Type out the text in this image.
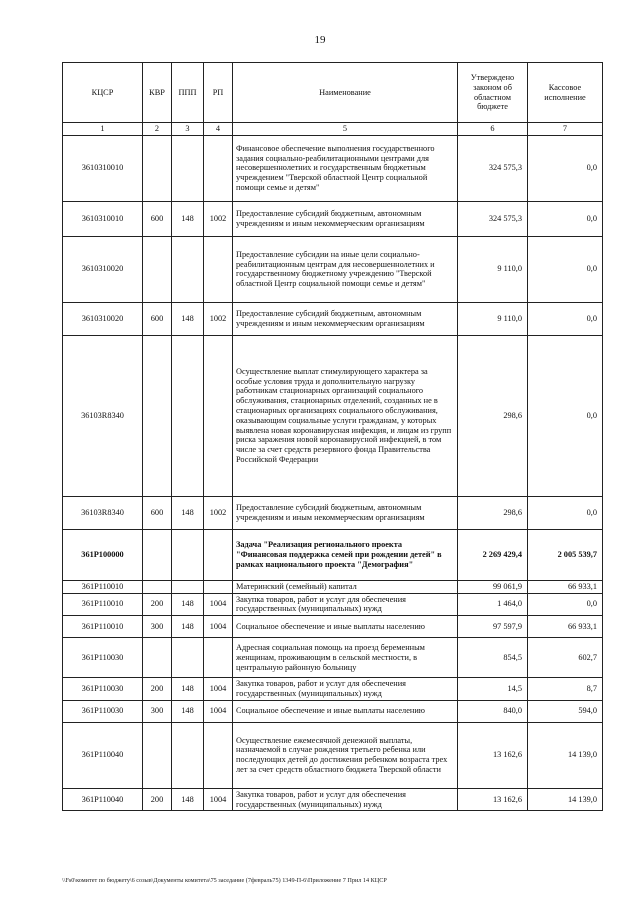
19
КЦСР	КВР	ППП	РП	Наименование	Утверждено законом об областном бюджете	Кассовое исполнение
1	2	3	4	5	6	7
3610310010				Финансовое обеспечение выполнения государственного задания социально-реабилитационными центрами для несовершеннолетних и государственным бюджетным учреждением "Тверской областной Центр социальной помощи семье и детям"	324 575,3	0,0
3610310010	600	148	1002	Предоставление субсидий бюджетным, автономным учреждениям и иным некоммерческим организациям	324 575,3	0,0
3610310020				Предоставление субсидии на иные цели социально-реабилитационным центрам для несовершеннолетних и государственному бюджетному учреждению "Тверской областной Центр социальной помощи семье и детям"	9 110,0	0,0
3610310020	600	148	1002	Предоставление субсидий бюджетным, автономным учреждениям и иным некоммерческим организациям	9 110,0	0,0
36103R8340				Осуществление выплат стимулирующего характера за особые условия труда и дополнительную нагрузку работникам стационарных организаций социального обслуживания, стационарных отделений, созданных не в стационарных организациях социального обслуживания, оказывающим социальные услуги гражданам, у которых выявлена новая коронавирусная инфекция, и лицам из групп риска заражения новой коронавирусной инфекцией, в том числе за счет средств резервного фонда Правительства Российской Федерации	298,6	0,0
36103R8340	600	148	1002	Предоставление субсидий бюджетным, автономным учреждениям и иным некоммерческим организациям	298,6	0,0
361P100000				Задача "Реализация регионального проекта "Финансовая поддержка семей при рождении детей" в рамках национального проекта "Демография"	2 269 429,4	2 005 539,7
361P110010				Материнский (семейный) капитал	99 061,9	66 933,1
361P110010	200	148	1004	Закупка товаров, работ и услуг для обеспечения государственных (муниципальных) нужд	1 464,0	0,0
361P110010	300	148	1004	Социальное обеспечение и иные выплаты населению	97 597,9	66 933,1
361P110030				Адресная социальная помощь на проезд беременным женщинам, проживающим в сельской местности, в центральную районную больницу	854,5	602,7
361P110030	200	148	1004	Закупка товаров, работ и услуг для обеспечения государственных (муниципальных) нужд	14,5	8,7
361P110030	300	148	1004	Социальное обеспечение и иные выплаты населению	840,0	594,0
361P110040				Осуществление ежемесячной денежной выплаты, назначаемой в случае рождения третьего ребенка или последующих детей до достижения ребенком возраста трех лет за счет средств областного бюджета Тверской области	13 162,6	14 139,0
361P110040	200	148	1004	Закупка товаров, работ и услуг для обеспечения государственных (муниципальных) нужд	13 162,6	14 139,0
\\Fs0\комитет по бюджету\6 созыв\Документы комитета\75 заседание (7февраль75) 1349-П-6\Приложение 7 Прил 14 КЦСР
